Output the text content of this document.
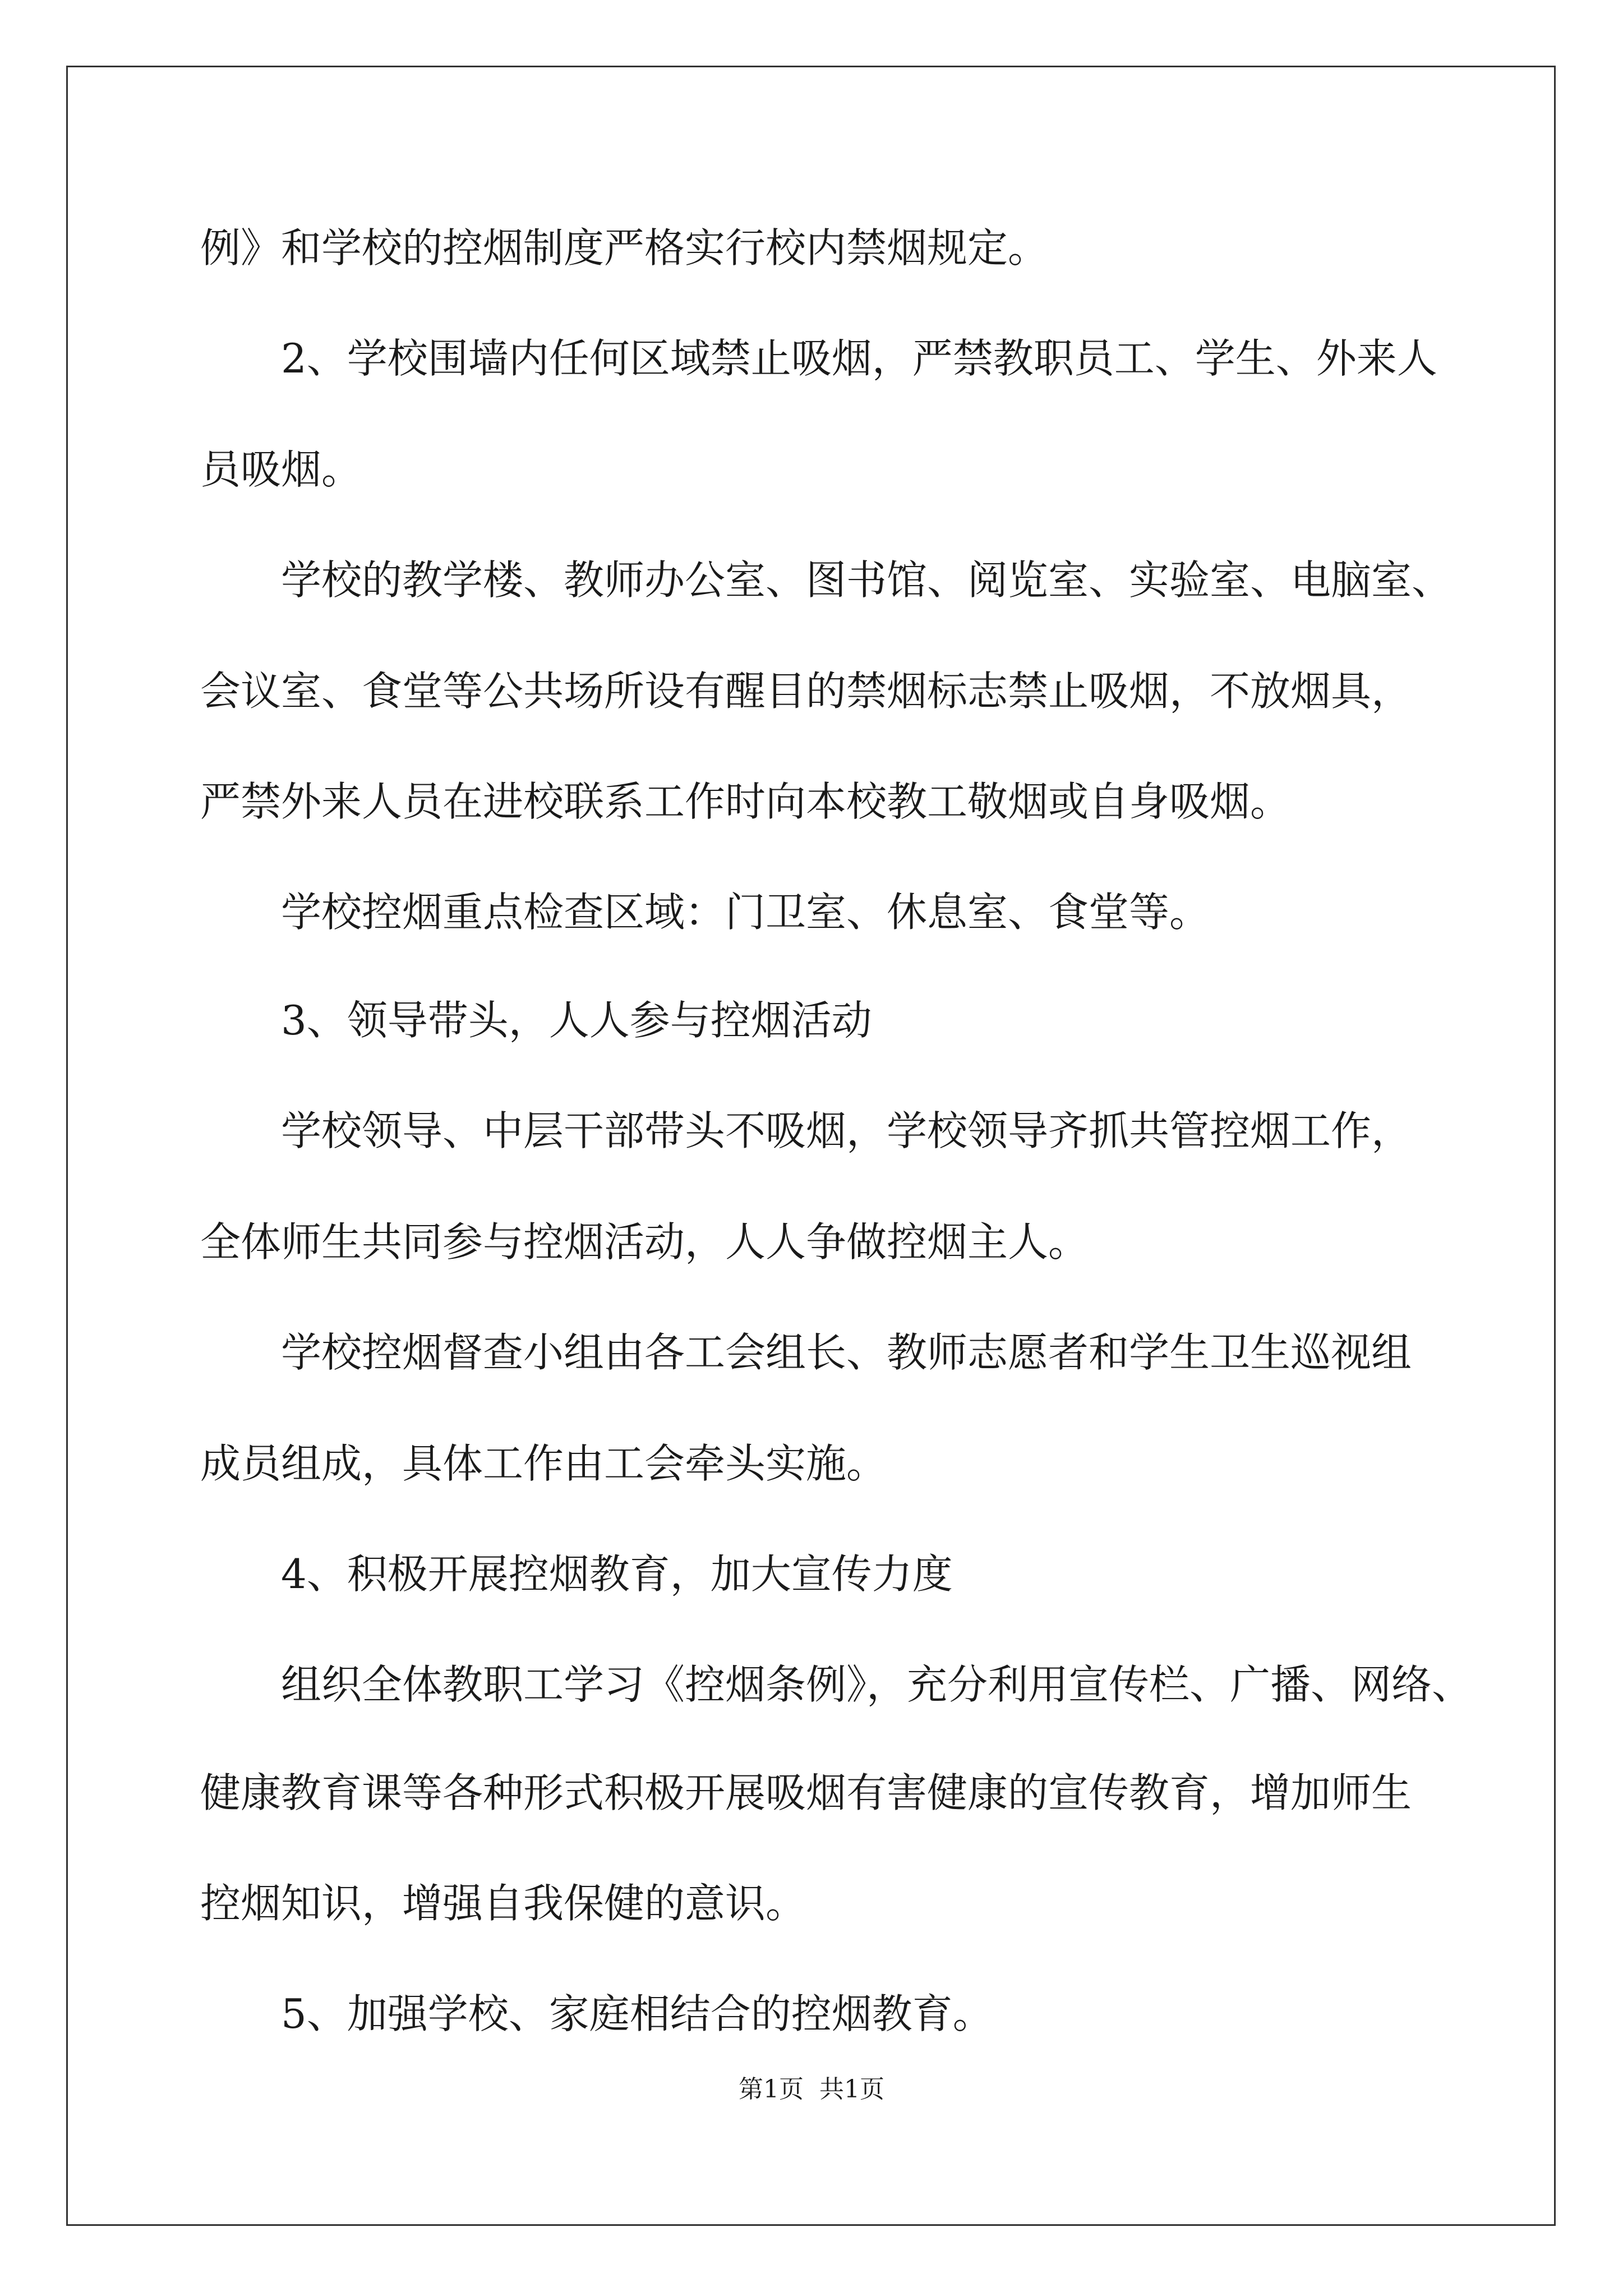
例》和学校的控烟制度严格实行校内禁烟规定。
2、学校围墙内任何区域禁止吸烟，严禁教职员工、学生、外来人
员吸烟。
学校的教学楼、教师办公室、图书馆、阅览室、实验室、电脑室、
会议室、食堂等公共场所设有醒目的禁烟标志禁止吸烟，不放烟具，
严禁外来人员在进校联系工作时向本校教工敬烟或自身吸烟。
学校控烟重点检查区域：门卫室、休息室、食堂等。
3、领导带头，人人参与控烟活动
学校领导、中层干部带头不吸烟，学校领导齐抓共管控烟工作，
全体师生共同参与控烟活动，人人争做控烟主人。
学校控烟督查小组由各工会组长、教师志愿者和学生卫生巡视组
成员组成，具体工作由工会牵头实施。
4、积极开展控烟教育，加大宣传力度
组织全体教职工学习《控烟条例》，充分利用宣传栏、广播、网络、
健康教育课等各种形式积极开展吸烟有害健康的宣传教育，增加师生
控烟知识，增强自我保健的意识。
5、加强学校、家庭相结合的控烟教育。
第1页  共1页
